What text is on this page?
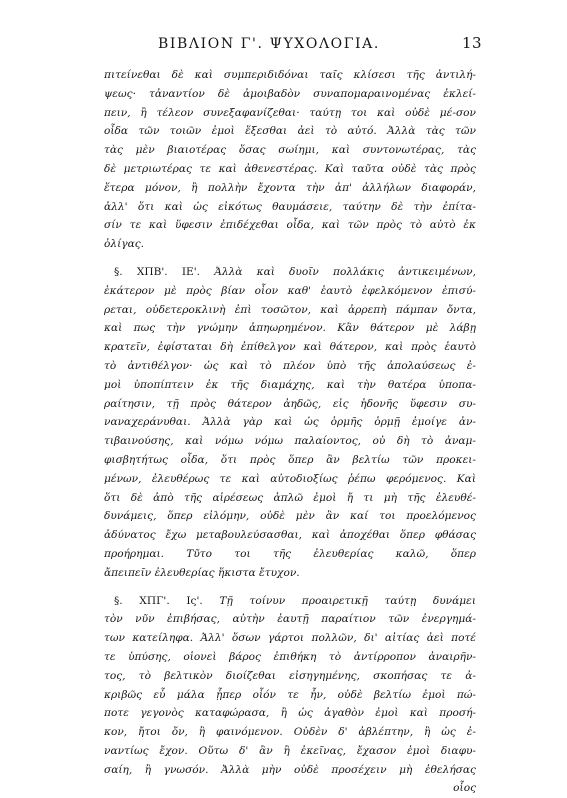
ΒΙΒΛΙΟΝ Γ'. ΨΥΧΟΛΟΓΙΑ.	13
πιτείνεθαι δὲ καὶ συμπεριδιδόναι ταῖς κλίσεσι τῆς ἀντιλή-
ψεως· τἀναντίον δὲ ἀμοιβαδὸν συναπομαραινομένας ἐκλεί-
πειν, ἢ τέλεον συνεξαφανίζεθαι· ταύτῃ τοι καὶ οὐδὲ μέ-σον
οἶδα τῶν τοιῶν ἐμοὶ ἕξεσθαι ἀεὶ τὸ αὐτό. Ἀλλὰ τὰς τῶν
τὰς μὲν βιαιοτέρας ὅσας σωίημι, καὶ συντονωτέρας, τὰς
δὲ μετριωτέρας τε καὶ ἀθενεστέρας. Καὶ ταῦτα οὐδὲ τὰς πρὸς
ἕτερα μόνον, ἢ πολλὴν ἔχοντα τὴν ἀπ' ἀλλήλων διαφοράν,
ἀλλ' ὅτι καὶ ὡς εἰκότως θαυμάσειε, ταύτην δὲ τὴν ἐπίτα-
σίν τε καὶ ὕφεσιν ἐπιδέχεθαι οἶδα, καὶ τῶν πρὸς τὸ αὐτὸ ἐκ
ὀλίγας.
§. ΧΠΒ'. ΙΕ'. Ἀλλὰ καὶ δυοῖν πολλάκις ἀντικειμένων,
ἑκάτερον μὲ πρὸς βίαν οἷον καθ' ἑαυτὸ ἐφελκόμενον ἐπισύ-
ρεται, οὐδετεροκλινὴ ἐπὶ τοσῶτον, καὶ ἀρρεπὴ πάμπαν ὄντα,
καὶ πως τὴν γνώμην ἀπηωρημένον. Κἂν θάτερον μὲ λάβῃ
κρατεῖν, ἐφίσταται δὴ ἐπίθελγον καὶ θάτερον, καὶ πρὸς ἑαυτὸ
τὸ ἀντιθέλγον· ὡς καὶ τὸ πλέον ὑπὸ τῆς ἀπολαύσεως ἐ-
μοὶ ὑποπίπτειν ἐκ τῆς διαμάχης, καὶ τὴν θατέρα ὑποπα-
ραίτησιν, τῇ πρὸς θάτερον ἀηδῶς, εἰς ἡδονῆς ὕφεσιν συ-
ναναχεράνυθαι. Ἀλλὰ γὰρ καὶ ὡς ὁρμῆς ὁρμῇ ἐμοίγε ἀν-
τιβαινούσης, καὶ νόμω νόμω παλαίοντος, οὐ δὴ τὸ ἀναμ-
φισβητήτως οἶδα, ὅτι πρὸς ὅπερ ἂν βελτίω τῶν προκει-
μένων, ἐλευθέρως τε καὶ αὐτοδιοξίως ῥέπω φερόμενος. Καὶ
ὅτι δὲ ἀπὸ τῆς αἱρέσεως ἁπλῶ ἐμοὶ ἤ τι μὴ τῆς ἐλευθέ-
δυνάμεις, ὅπερ εἰλόμην, οὐδὲ μὲν ἂν καί τοι προελόμενος
ἀδύνατος ἔχω μεταβουλεύσασθαι, καὶ ἀποχέθαι ὅπερ φθάσας
προήρημαι. Τῦτο τοι τῆς ἐλευθερίας καλῶ, ὅπερ
ἄπειπεῖν ἐλευθερίας ἥκιστα ἔτυχον.
§. ΧΠΓ'. Ις'. Τῇ τοίνυν προαιρετικῇ ταύτῃ δυνάμει
τὸν νῦν ἐπιβήσας, αὐτὴν ἑαυτῇ παραίτιον τῶν ἐνεργημά-
των κατείληφα. Ἀλλ' ὅσων γάρτοι πολλῶν, δι' αἰτίας ἀεὶ ποτέ
τε ὑπύσης, οἱονεὶ βάρος ἐπιθήκη τὸ ἀντίρροπον ἀναιρῆν-
τος, τὸ βελτικὸν διοίζεθαι εἰσηγημένης, σκοπήσας τε ἀ-
κριβῶς εὖ μάλα ᾗπερ οἷόν τε ἦν, οὐδὲ βελτίω ἐμοὶ πώ-
ποτε γεγονὸς καταφώρασα, ἢ ὡς ἀγαθὸν ἐμοὶ καὶ προσή-
κον, ἤτοι ὄν, ἢ φαινόμενον. Οὐδὲν δ' ἀβλέπτην, ἢ ὡς ἐ-
ναντίως ἔχον. Οὕτω δ' ἂν ἢ ἐκεῖνας, ἔχασον ἐμοὶ διαφυ-
σαίη, ἢ γνωσόν. Ἀλλὰ μὴν οὐδὲ προσέχειν μὴ ἐθελήσας
οἷος
